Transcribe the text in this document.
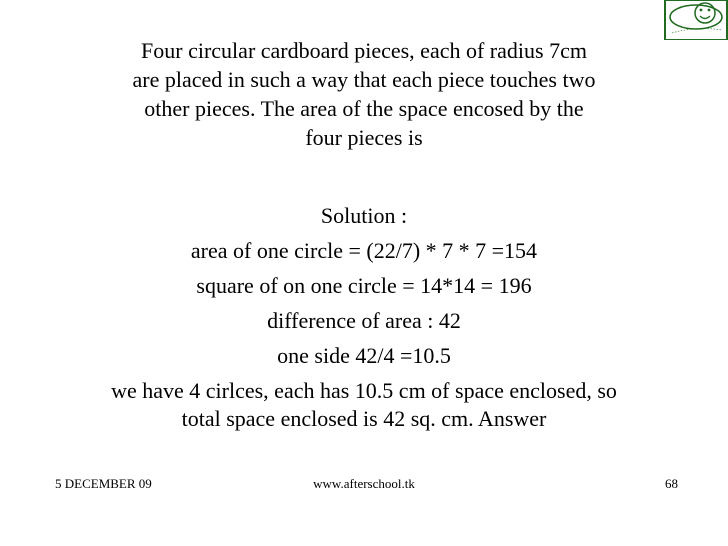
Four circular cardboard pieces, each of radius 7cm
are placed in such a way that each piece touches two
other pieces. The area of the space encosed by the
four pieces is
Solution :
area of one circle = (22/7) * 7 * 7 =154
square of on one circle = 14*14 = 196
difference of area : 42
one side 42/4 =10.5
we have 4 cirlces, each has 10.5 cm of space enclosed, so
total space enclosed is 42 sq. cm. Answer
5 DECEMBER 09	www.afterschool.tk	68
